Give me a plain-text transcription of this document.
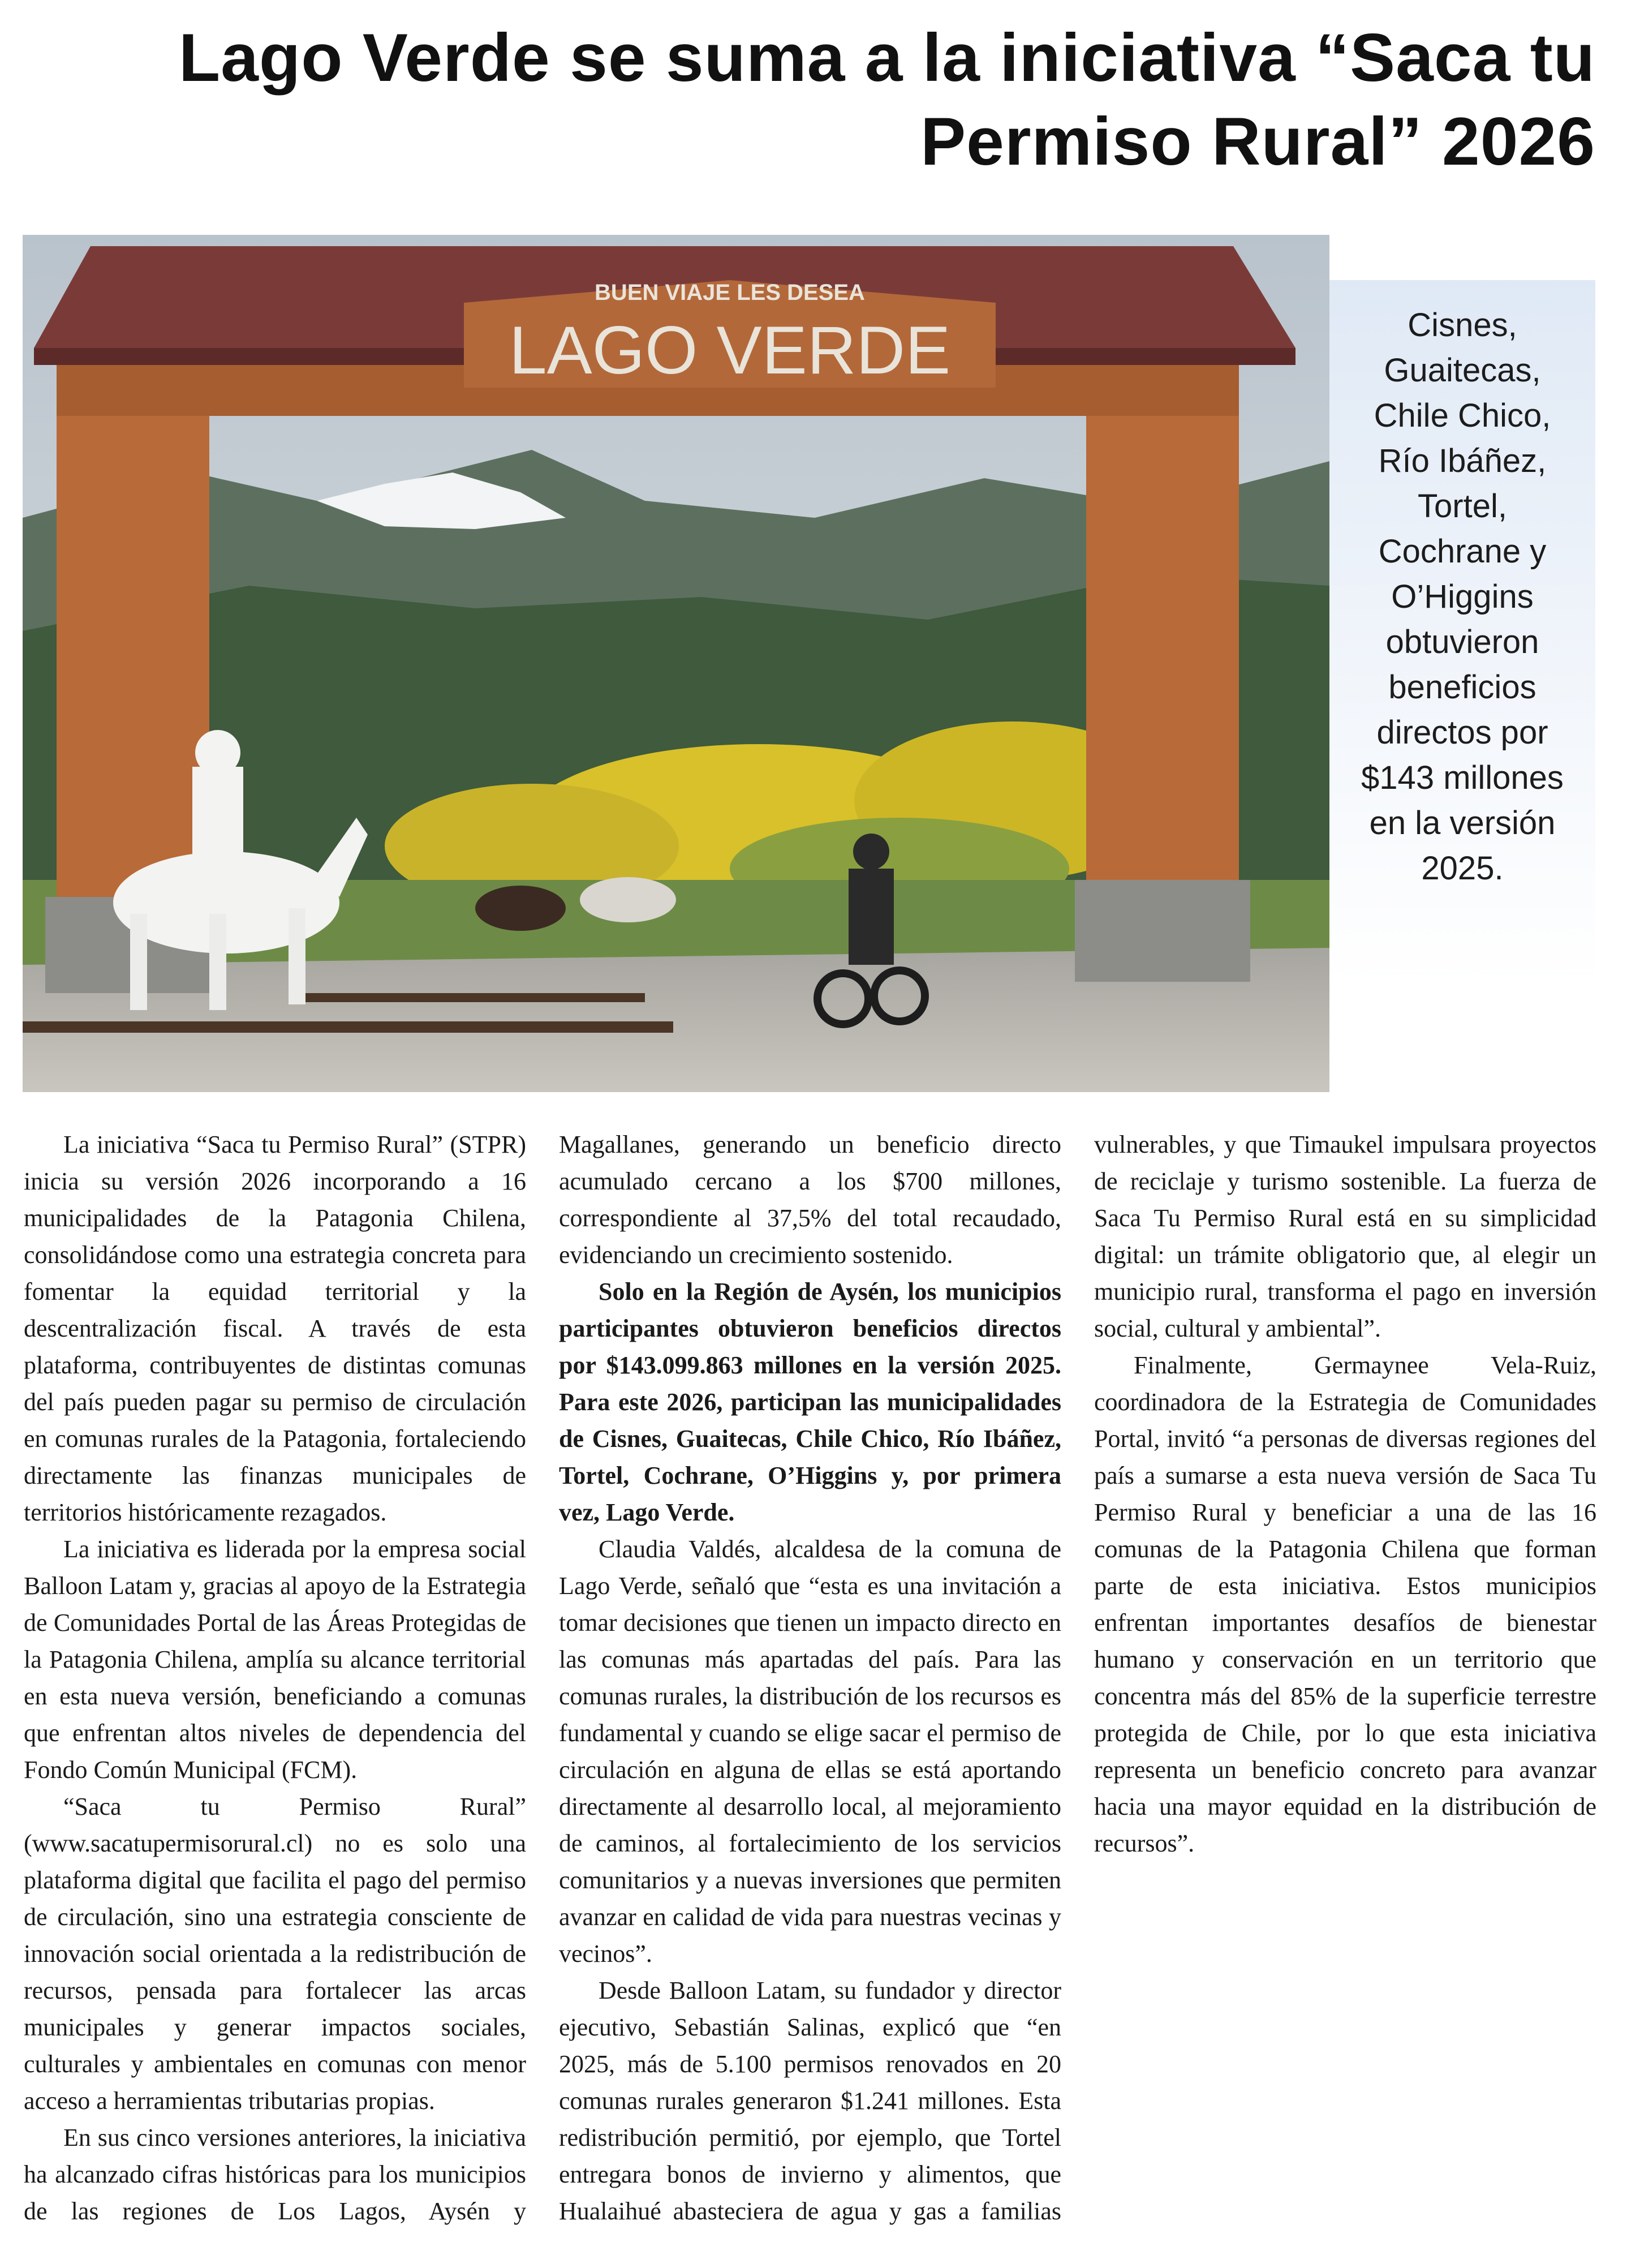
Lago Verde se suma a la iniciativa “Saca tu Permiso Rural” 2026
BUEN VIAJE LES DESEA
LAGO VERDE	Cisnes, Guaitecas, Chile Chico, Río Ibáñez, Tortel, Cochrane y O’Higgins obtuvieron beneficios directos por $143 millones en la versión 2025.

La iniciativa “Saca tu Permiso Rural” (STPR) inicia su versión 2026 incorporando a 16 municipalidades de la Patagonia Chilena, consolidándose como una estrategia concreta para fomentar la equidad territorial y la descentralización fiscal. A través de esta plataforma, contribuyentes de distintas comunas del país pueden pagar su permiso de circulación en comunas rurales de la Patagonia, fortaleciendo directamente las finanzas municipales de territorios históricamente rezagados.

La iniciativa es liderada por la empresa social Balloon Latam y, gracias al apoyo de la Estrategia de Comunidades Portal de las Áreas Protegidas de la Patagonia Chilena, amplía su alcance territorial en esta nueva versión, beneficiando a comunas que enfrentan altos niveles de dependencia del Fondo Común Municipal (FCM).

“Saca tu Permiso Rural” (www.sacatupermisorural.cl) no es solo una plataforma digital que facilita el pago del permiso de circulación, sino una estrategia consciente de innovación social orientada a la redistribución de recursos, pensada para fortalecer las arcas municipales y generar impactos sociales, culturales y ambientales en comunas con menor acceso a herramientas tributarias propias.

En sus cinco versiones anteriores, la iniciativa ha alcanzado cifras históricas para los municipios de las regiones de Los Lagos, Aysén y Magallanes, generando un beneficio directo acumulado cercano a los $700 millones, correspondiente al 37,5% del total recaudado, evidenciando un crecimiento sostenido.

Solo en la Región de Aysén, los municipios participantes obtuvieron beneficios directos por $143.099.863 millones en la versión 2025. Para este 2026, participan las municipalidades de Cisnes, Guaitecas, Chile Chico, Río Ibáñez, Tortel, Cochrane, O’Higgins y, por primera vez, Lago Verde.

Claudia Valdés, alcaldesa de la comuna de Lago Verde, señaló que “esta es una invitación a tomar decisiones que tienen un impacto directo en las comunas más apartadas del país. Para las comunas rurales, la distribución de los recursos es fundamental y cuando se elige sacar el permiso de circulación en alguna de ellas se está aportando directamente al desarrollo local, al mejoramiento de caminos, al fortalecimiento de los servicios comunitarios y a nuevas inversiones que permiten avanzar en calidad de vida para nuestras vecinas y vecinos”.

Desde Balloon Latam, su fundador y director ejecutivo, Sebastián Salinas, explicó que “en 2025, más de 5.100 permisos renovados en 20 comunas rurales generaron $1.241 millones. Esta redistribución permitió, por ejemplo, que Tortel entregara bonos de invierno y alimentos, que Hualaihué abasteciera de agua y gas a familias vulnerables, y que Timaukel impulsara proyectos de reciclaje y turismo sostenible. La fuerza de Saca Tu Permiso Rural está en su simplicidad digital: un trámite obligatorio que, al elegir un municipio rural, transforma el pago en inversión social, cultural y ambiental”.

Finalmente, Germaynee Vela-Ruiz, coordinadora de la Estrategia de Comunidades Portal, invitó “a personas de diversas regiones del país a sumarse a esta nueva versión de Saca Tu Permiso Rural y beneficiar a una de las 16 comunas de la Patagonia Chilena que forman parte de esta iniciativa. Estos municipios enfrentan importantes desafíos de bienestar humano y conservación en un territorio que concentra más del 85% de la superficie terrestre protegida de Chile, por lo que esta iniciativa representa un beneficio concreto para avanzar hacia una mayor equidad en la distribución de recursos”.
